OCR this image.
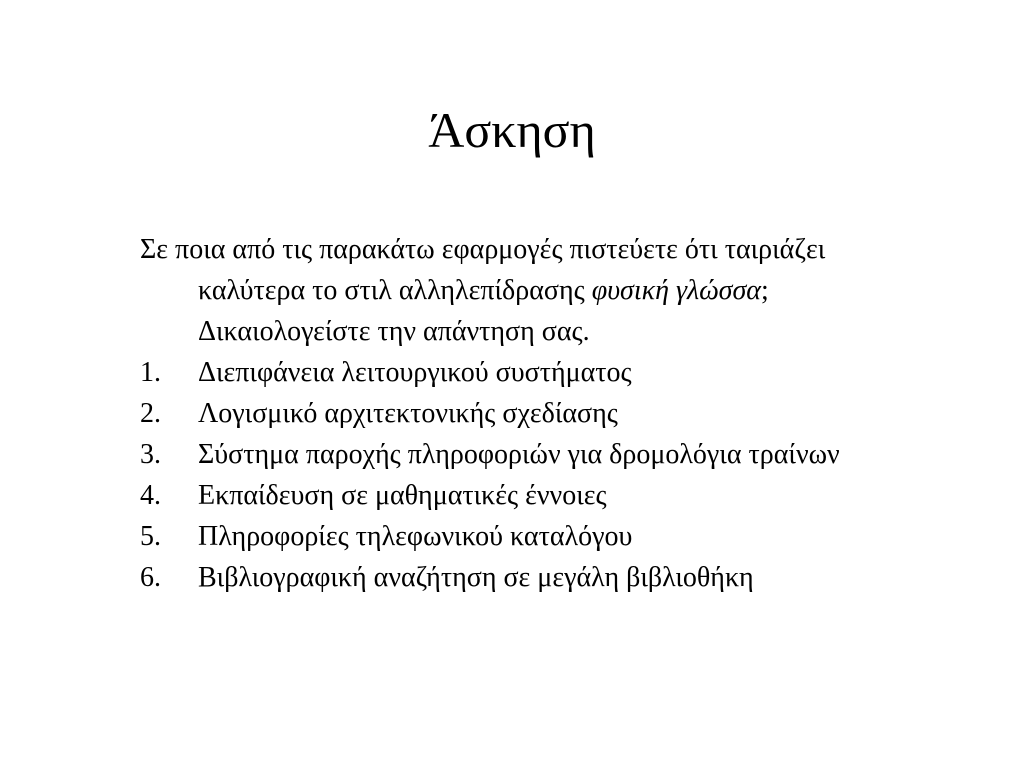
Άσκηση

Σε ποια από τις παρακάτω εφαρμογές πιστεύετε ότι ταιριάζει καλύτερα το στιλ αλληλεπίδρασης φυσική γλώσσα; Δικαιολογείστε την απάντηση σας.

1. Διεπιφάνεια λειτουργικού συστήματος
2. Λογισμικό αρχιτεκτονικής σχεδίασης
3. Σύστημα παροχής πληροφοριών για δρομολόγια τραίνων
4. Εκπαίδευση σε μαθηματικές έννοιες
5. Πληροφορίες τηλεφωνικού καταλόγου
6. Βιβλιογραφική αναζήτηση σε μεγάλη βιβλιοθήκη
